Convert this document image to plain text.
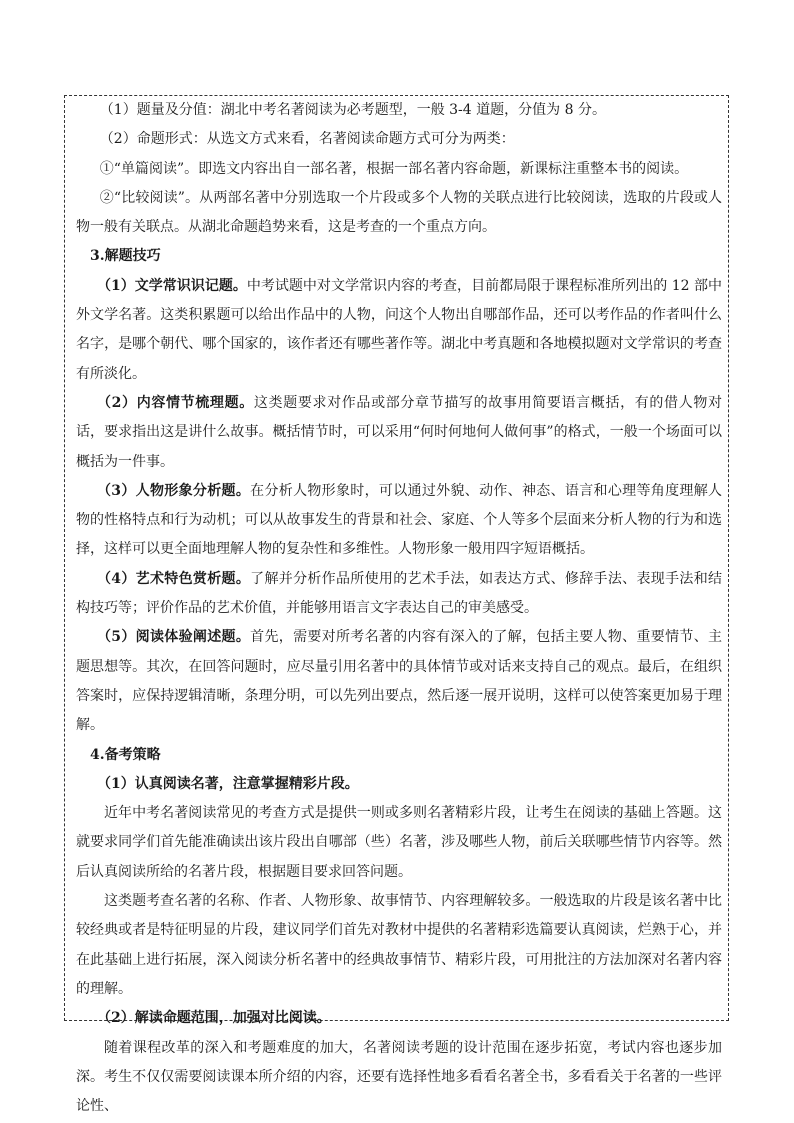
（1）题量及分值：湖北中考名著阅读为必考题型，一般 3-4 道题，分值为 8 分。

（2）命题形式：从选文方式来看，名著阅读命题方式可分为两类：

①“单篇阅读”。即选文内容出自一部名著，根据一部名著内容命题，新课标注重整本书的阅读。

②“比较阅读”。从两部名著中分别选取一个片段或多个人物的关联点进行比较阅读，选取的片段或人物一般有关联点。从湖北命题趋势来看，这是考查的一个重点方向。

3.解题技巧

（1）文学常识识记题。中考试题中对文学常识内容的考查，目前都局限于课程标准所列出的 12 部中外文学名著。这类积累题可以给出作品中的人物，问这个人物出自哪部作品，还可以考作品的作者叫什么名字，是哪个朝代、哪个国家的，该作者还有哪些著作等。湖北中考真题和各地模拟题对文学常识的考查有所淡化。

（2）内容情节梳理题。这类题要求对作品或部分章节描写的故事用简要语言概括，有的借人物对话，要求指出这是讲什么故事。概括情节时，可以采用“何时何地何人做何事”的格式，一般一个场面可以概括为一件事。

（3）人物形象分析题。在分析人物形象时，可以通过外貌、动作、神态、语言和心理等角度理解人物的性格特点和行为动机；可以从故事发生的背景和社会、家庭、个人等多个层面来分析人物的行为和选择，这样可以更全面地理解人物的复杂性和多维性。人物形象一般用四字短语概括。

（4）艺术特色赏析题。了解并分析作品所使用的艺术手法，如表达方式、修辞手法、表现手法和结构技巧等；评价作品的艺术价值，并能够用语言文字表达自己的审美感受。

（5）阅读体验阐述题。首先，需要对所考名著的内容有深入的了解，包括主要人物、重要情节、主题思想等。其次，在回答问题时，应尽量引用名著中的具体情节或对话来支持自己的观点。最后，在组织答案时，应保持逻辑清晰，条理分明，可以先列出要点，然后逐一展开说明，这样可以使答案更加易于理解。

4.备考策略

（1）认真阅读名著，注意掌握精彩片段。

近年中考名著阅读常见的考查方式是提供一则或多则名著精彩片段，让考生在阅读的基础上答题。这就要求同学们首先能准确读出该片段出自哪部（些）名著，涉及哪些人物，前后关联哪些情节内容等。然后认真阅读所给的名著片段，根据题目要求回答问题。

这类题考查名著的名称、作者、人物形象、故事情节、内容理解较多。一般选取的片段是该名著中比较经典或者是特征明显的片段，建议同学们首先对教材中提供的名著精彩选篇要认真阅读，烂熟于心，并在此基础上进行拓展，深入阅读分析名著中的经典故事情节、精彩片段，可用批注的方法加深对名著内容的理解。

（2）解读命题范围，加强对比阅读。

随着课程改革的深入和考题难度的加大，名著阅读考题的设计范围在逐步拓宽，考试内容也逐步加深。考生不仅仅需要阅读课本所介绍的内容，还要有选择性地多看看名著全书，多看看关于名著的一些评论性、
